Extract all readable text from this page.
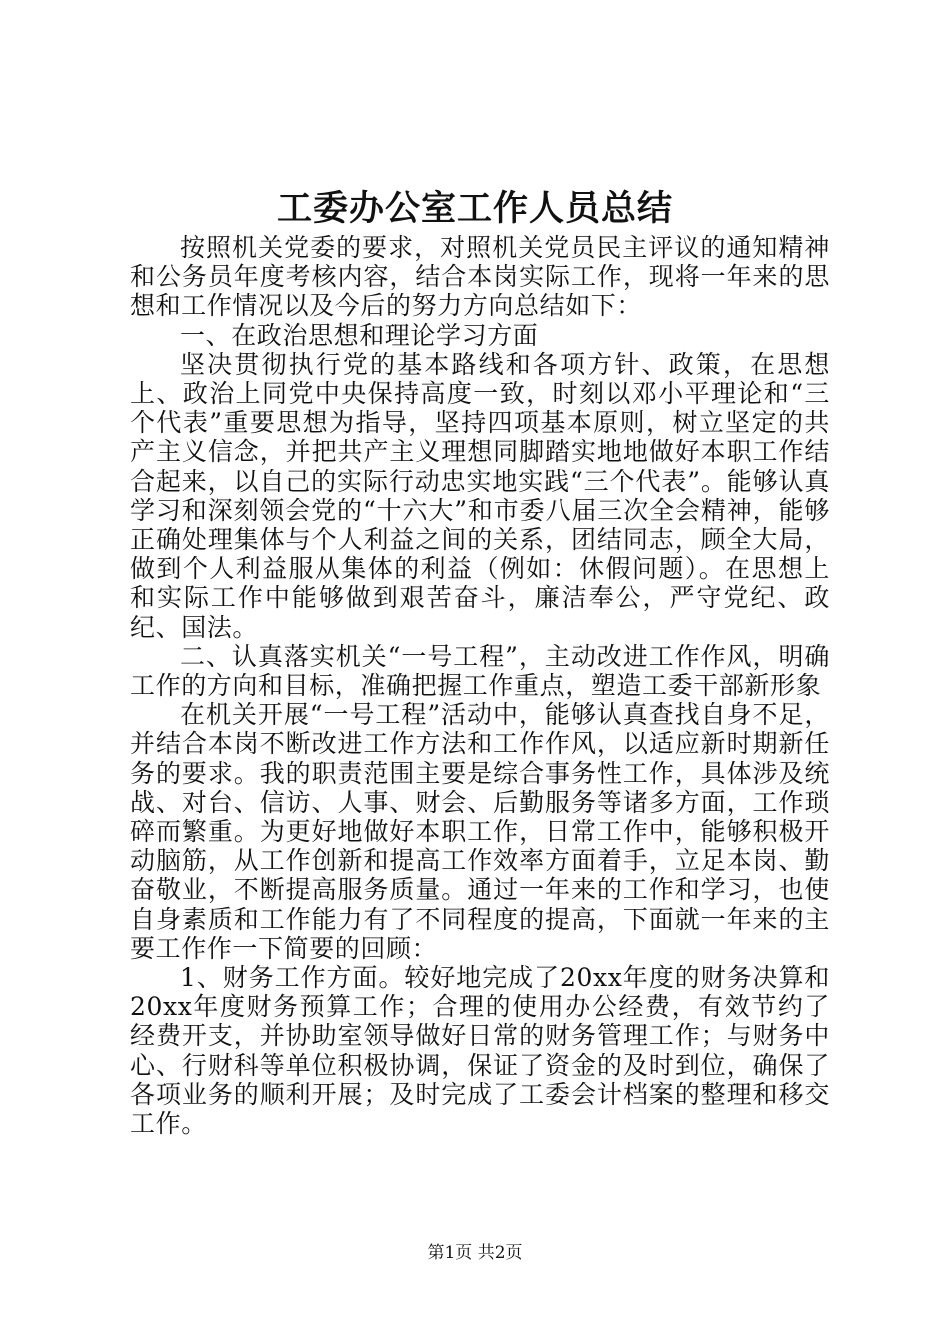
工委办公室工作人员总结

按照机关党委的要求，对照机关党员民主评议的通知精神和公务员年度考核内容，结合本岗实际工作，现将一年来的思想和工作情况以及今后的努力方向总结如下：

一、在政治思想和理论学习方面

坚决贯彻执行党的基本路线和各项方针、政策，在思想上、政治上同党中央保持高度一致，时刻以邓小平理论和“三个代表”重要思想为指导，坚持四项基本原则，树立坚定的共产主义信念，并把共产主义理想同脚踏实地地做好本职工作结合起来，以自己的实际行动忠实地实践“三个代表”。能够认真学习和深刻领会党的“十六大”和市委八届三次全会精神，能够正确处理集体与个人利益之间的关系，团结同志，顾全大局，做到个人利益服从集体的利益（例如：休假问题）。在思想上和实际工作中能够做到艰苦奋斗，廉洁奉公，严守党纪、政纪、国法。

二、认真落实机关“一号工程”，主动改进工作作风，明确工作的方向和目标，准确把握工作重点，塑造工委干部新形象

在机关开展“一号工程”活动中，能够认真查找自身不足，并结合本岗不断改进工作方法和工作作风，以适应新时期新任务的要求。我的职责范围主要是综合事务性工作，具体涉及统战、对台、信访、人事、财会、后勤服务等诸多方面，工作琐碎而繁重。为更好地做好本职工作，日常工作中，能够积极开动脑筋，从工作创新和提高工作效率方面着手，立足本岗、勤奋敬业，不断提高服务质量。通过一年来的工作和学习，也使自身素质和工作能力有了不同程度的提高，下面就一年来的主要工作作一下简要的回顾：

1、财务工作方面。较好地完成了20xx年度的财务决算和20xx年度财务预算工作；合理的使用办公经费，有效节约了经费开支，并协助室领导做好日常的财务管理工作；与财务中心、行财科等单位积极协调，保证了资金的及时到位，确保了各项业务的顺利开展；及时完成了工委会计档案的整理和移交工作。

第1页 共2页
